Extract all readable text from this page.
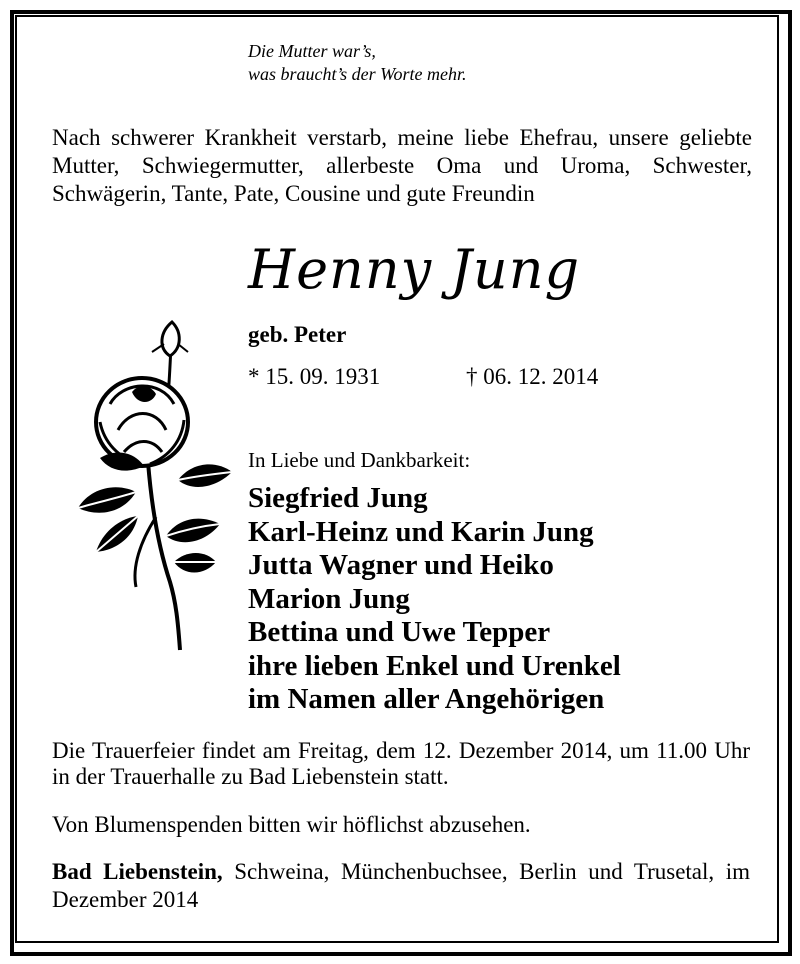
Die Mutter war’s,
was braucht’s der Worte mehr.
Nach schwerer Krankheit verstarb, meine liebe Ehefrau, unsere geliebte Mutter, Schwiegermutter, allerbeste Oma und Uroma, Schwester, Schwägerin, Tante, Pate, Cousine und gute Freundin
Henny Jung
geb. Peter
* 15. 09. 1931	† 06. 12. 2014
In Liebe und Dankbarkeit:
Siegfried Jung
Karl-Heinz und Karin Jung
Jutta Wagner und Heiko
Marion Jung
Bettina und Uwe Tepper
ihre lieben Enkel und Urenkel
im Namen aller Angehörigen
Die Trauerfeier findet am Freitag, dem 12. Dezember 2014, um 11.00 Uhr in der Trauerhalle zu Bad Liebenstein statt.
Von Blumenspenden bitten wir höflichst abzusehen.
Bad Liebenstein, Schweina, Münchenbuchsee, Berlin und Trusetal, im Dezember 2014
